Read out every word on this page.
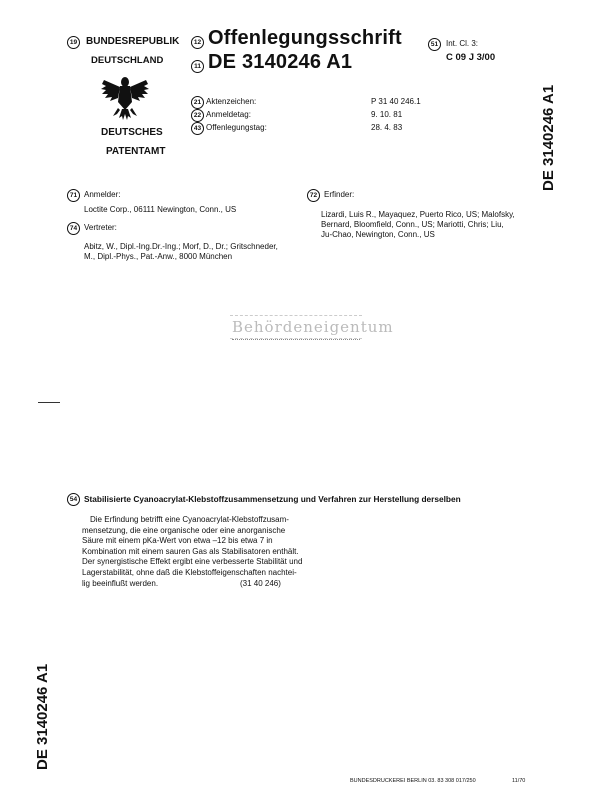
19 BUNDESREPUBLIK
DEUTSCHLAND
DEUTSCHES
PATENTAMT
12 Offenlegungsschrift
11 DE 3140246 A1
51 Int. Cl. 3:
C 09 J 3/00
21 Aktenzeichen:	P 31 40 246.1
22 Anmeldetag:	9. 10. 81
43 Offenlegungstag:	28. 4. 83	DE 3140246 A1
71 Anmelder:
Loctite Corp., 06111 Newington, Conn., US
74 Vertreter:
Abitz, W., Dipl.-Ing.Dr.-Ing.; Morf, D., Dr.; Gritschneder,
M., Dipl.-Phys., Pat.-Anw., 8000 München
72 Erfinder:
Lizardi, Luis R., Mayaquez, Puerto Rico, US; Malofsky,
Bernard, Bloomfield, Conn., US; Mariotti, Chris; Liu,
Ju-Chao, Newington, Conn., US
Behördeneigentum
54 Stabilisierte Cyanoacrylat-Klebstoffzusammensetzung und Verfahren zur Herstellung derselben
Die Erfindung betrifft eine Cyanoacrylat-Klebstoffzusam-
mensetzung, die eine organische oder eine anorganische
Säure mit einem pKa-Wert von etwa –12 bis etwa 7 in
Kombination mit einem sauren Gas als Stabilisatoren enthält.
Der synergistische Effekt ergibt eine verbesserte Stabilität und
Lagerstabilität, ohne daß die Klebstoffeigenschaften nachtei-
lig beeinflußt werden.	(31 40 246)
DE 3140246 A1
BUNDESDRUCKEREI BERLIN 03. 83 308 017/250	11/70
